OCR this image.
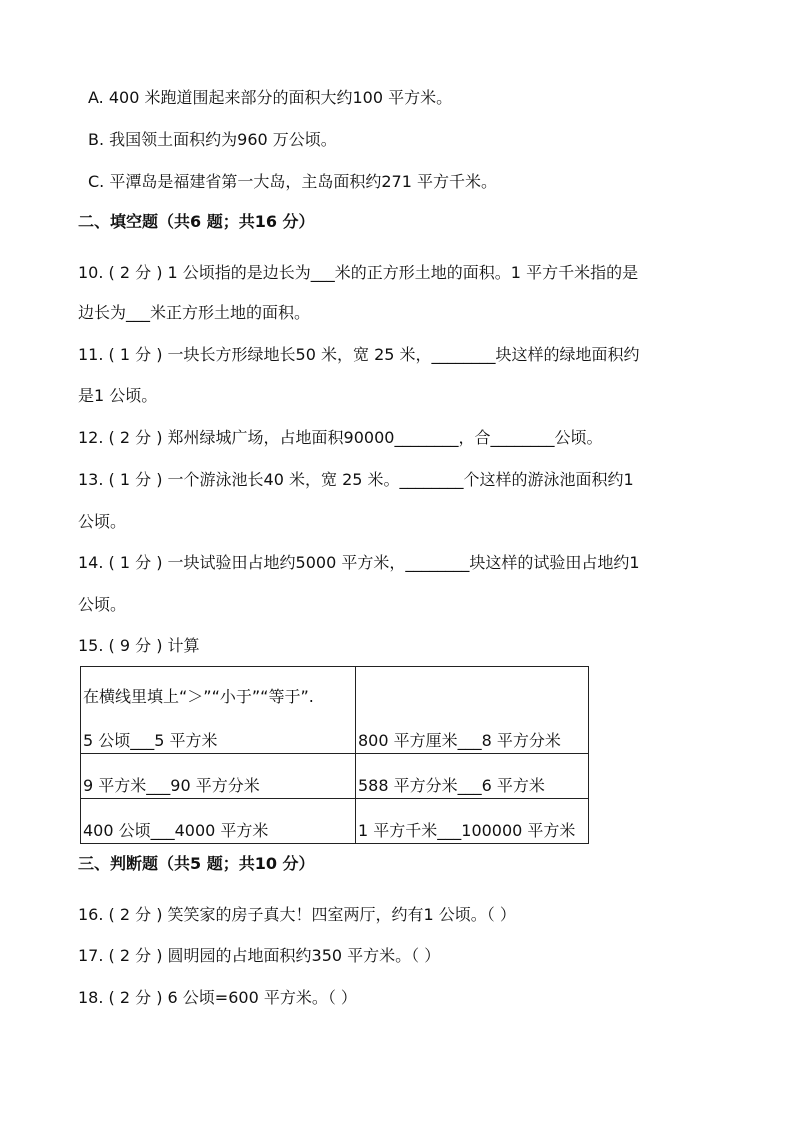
A. 400 米跑道围起来部分的面积大约100 平方米。
B. 我国领土面积约为960 万公顷。
C. 平潭岛是福建省第一大岛，主岛面积约271 平方千米。
二、填空题（共6 题；共16 分）
10. ( 2 分 ) 1 公顷指的是边长为___米的正方形土地的面积。1 平方千米指的是
边长为___米正方形土地的面积。
11. ( 1 分 ) 一块长方形绿地长50 米，宽 25 米，________块这样的绿地面积约
是1 公顷。
12. ( 2 分 ) 郑州绿城广场，占地面积90000________，合________公顷。
13. ( 1 分 ) 一个游泳池长40 米，宽 25 米。________个这样的游泳池面积约1
公顷。
14. ( 1 分 ) 一块试验田占地约5000 平方米，________块这样的试验田占地约1
公顷。
15. ( 9 分 ) 计算
在横线里填上“＞”“小于”“等于”.
5 公顷___5 平方米	800 平方厘米___8 平方分米
9 平方米___90 平方分米	588 平方分米___6 平方米
400 公顷___4000 平方米	1 平方千米___100000 平方米
三、判断题（共5 题；共10 分）
16. ( 2 分 ) 笑笑家的房子真大！四室两厅，约有1 公顷。（ ）
17. ( 2 分 ) 圆明园的占地面积约350 平方米。（ ）
18. ( 2 分 ) 6 公顷=600 平方米。（ ）
